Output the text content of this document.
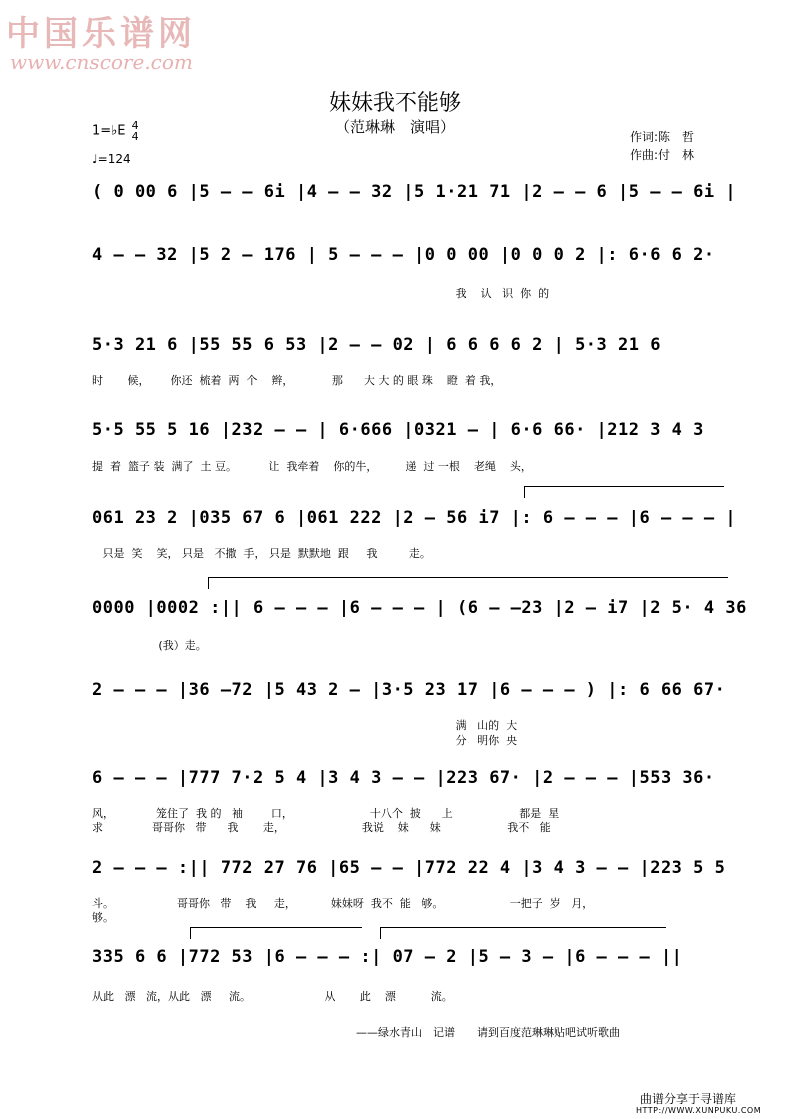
中国乐谱网
www.cnscore.com
妹妹我不能够
（范琳琳　演唱）
作词:陈　哲
作曲:付　林
1=♭E 4
4
♩=124
( 0 00 6 |5 — — 6i |4 — — 32 |5 1·21 71 |2 — — 6 |5 — — 6i |
4 — — 32 |5 2 — 176 | 5 — — — |0 0 00 |0 0 0 2 |: 6·6 6 2·
我    认   识  你  的
5·3 21 6 |55 55 6 53 |2 — — 02 | 6 6 6 6 2 | 5·3 21 6
时       候，      你还  梳着  两  个    辫，           那      大 大 的 眼 珠    瞪  着 我，
5·5 55 5 16 |232 — — | 6·666 |0321 — | 6·6 66· |212 3 4 3
提  着  篮子 装  满了  土 豆。         让  我牵着    你的牛，        递  过 一根    老绳    头，
061 23 2 |035 67 6 |061 222 |2 — 56 i7 |: 6 — — — |6 — — — |
只是  笑    笑， 只是   不撒  手， 只是  默默地  跟     我         走。
0000 |0002 :|| 6 — — — |6 — — — | (6 — —23 |2 — i7 |2 5· 4 36
(我）走。
2 — — — |36 —72 |5 43 2 — |3·5 23 17 |6 — — — ) |: 6 66 67·
满   山的  大
分   明你  央
6 — — — |777 7·2 5 4 |3 4 3 — — |223 67· |2 — — — |553 36·
风，            笼住了  我 的   袖        口，                      十八个  披      上                   都是  星
求              哥哥你   带      我       走，                      我说    妹      妹                   我不   能
2 — — — :|| 772 27 76 |65 — — |772 22 4 |3 4 3 — — |223 5 5
斗。                  哥哥你   带    我     走，          妹妹呀  我不  能   够。                   一把子  岁   月，
够。
335 6 6 |772 53 |6 — — — :| 07 — 2 |5 — 3 — |6 — — — ||
从此   漂   流，从此   漂     流。                     从       此    漂          流。
——绿水青山　记谱　　请到百度范琳琳贴吧试听歌曲
曲谱分享于寻谱库
HTTP://WWW.XUNPUKU.COM
